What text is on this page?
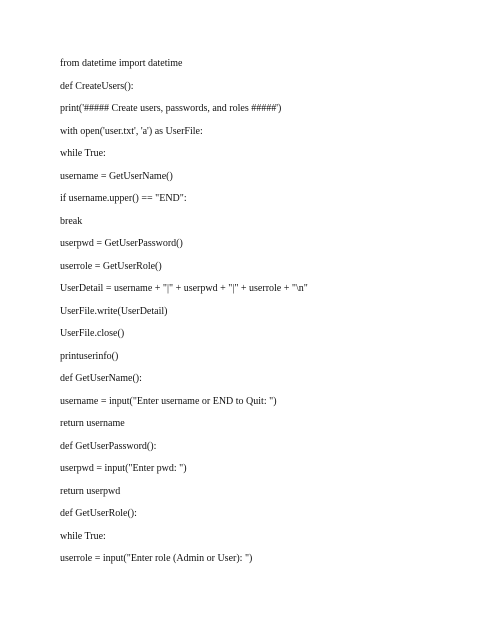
from datetime import datetime
def CreateUsers():
print('##### Create users, passwords, and roles #####')
with open('user.txt', 'a') as UserFile:
while True:
username = GetUserName()
if username.upper() == "END":
break
userpwd = GetUserPassword()
userrole = GetUserRole()
UserDetail = username + "|" + userpwd + "|" + userrole + "\n"
UserFile.write(UserDetail)
UserFile.close()
printuserinfo()
def GetUserName():
username = input("Enter username or END to Quit: ")
return username
def GetUserPassword():
userpwd = input("Enter pwd: ")
return userpwd
def GetUserRole():
while True:
userrole = input("Enter role (Admin or User): ")
